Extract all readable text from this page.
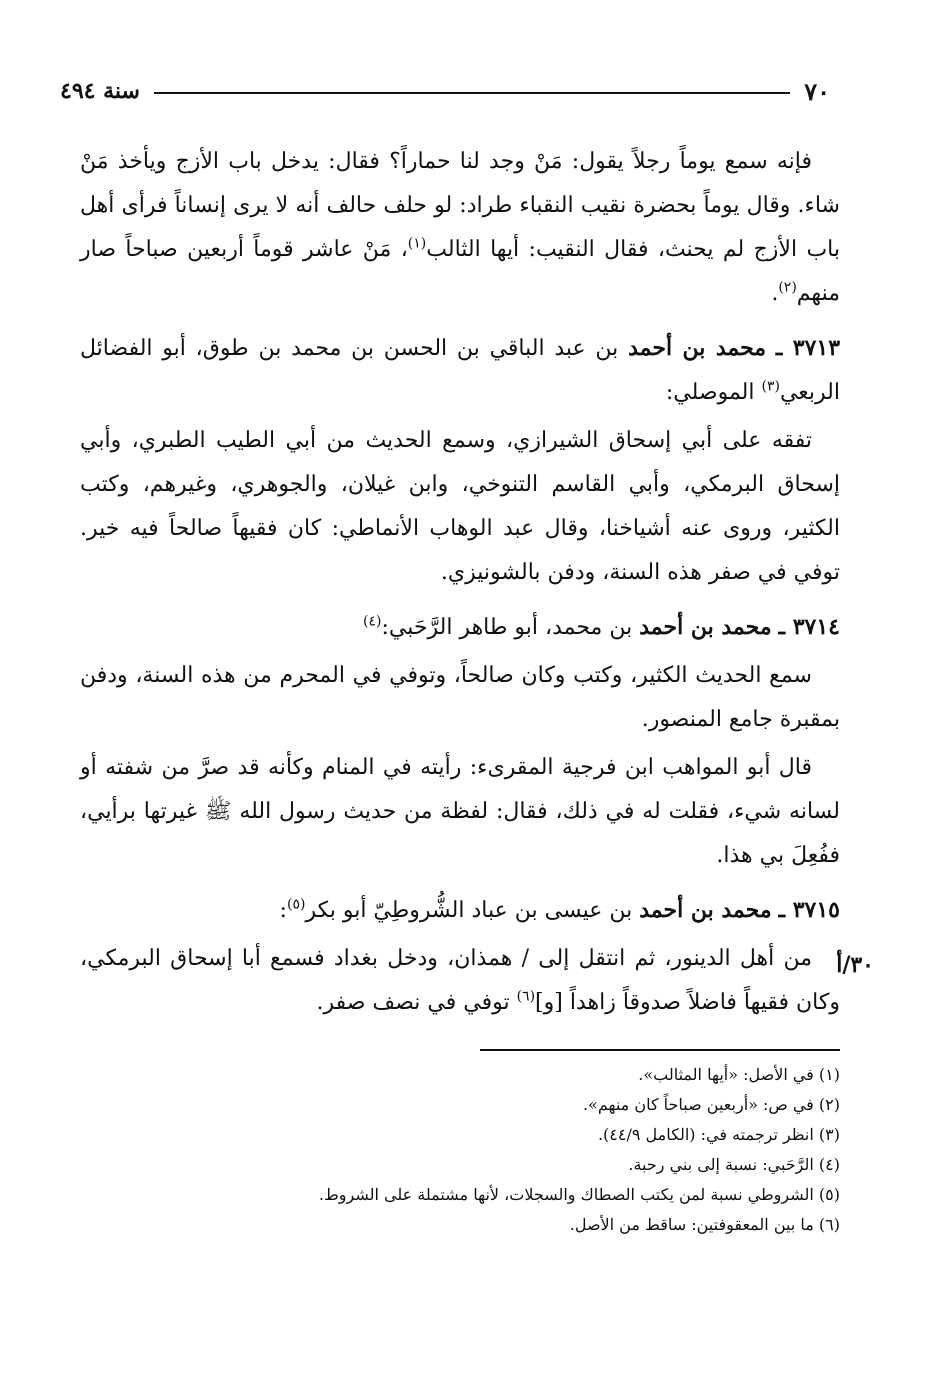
٧٠
سنة ٤٩٤

فإنه سمع يوماً رجلاً يقول: مَنْ وجد لنا حماراً؟ فقال: يدخل باب الأزج ويأخذ مَنْ شاء. وقال يوماً بحضرة نقيب النقباء طراد: لو حلف حالف أنه لا يرى إنساناً فرأى أهل باب الأزج لم يحنث، فقال النقيب: أيها الثالب$^{(١)}$، مَنْ عاشر قوماً أربعين صباحاً صار منهم$^{(٢)}$.

٣٧١٣ ـ محمد بن أحمد بن عبد الباقي بن الحسن بن محمد بن طوق، أبو الفضائل الربعي$^{(٣)}$ الموصلي:

تفقه على أبي إسحاق الشيرازي، وسمع الحديث من أبي الطيب الطبري، وأبي إسحاق البرمكي، وأبي القاسم التنوخي، وابن غيلان، والجوهري، وغيرهم، وكتب الكثير، وروى عنه أشياخنا، وقال عبد الوهاب الأنماطي: كان فقيهاً صالحاً فيه خير. توفي في صفر هذه السنة، ودفن بالشونيزي.

٣٧١٤ ـ محمد بن أحمد بن محمد، أبو طاهر الرَّحَبي:$^{(٤)}$

سمع الحديث الكثير، وكتب وكان صالحاً، وتوفي في المحرم من هذه السنة، ودفن بمقبرة جامع المنصور.

قال أبو المواهب ابن فرجية المقرىء: رأيته في المنام وكأنه قد صرَّ من شفته أو لسانه شيء، فقلت له في ذلك، فقال: لفظة من حديث رسول الله ﷺ غيرتها برأيي، ففُعِلَ بي هذا.

٣٧١٥ ـ محمد بن أحمد بن عيسى بن عباد الشُّروطِيّ أبو بكر$^{(٥)}$:

من أهل الدينور، ثم انتقل إلى / همذان، ودخل بغداد فسمع أبا إسحاق البرمكي، وكان فقيهاً فاضلاً صدوقاً زاهداً [و]$^{(٦)}$ توفي في نصف صفر.

٣٠/أ
(١) في الأصل: «أيها المثالب».
(٢) في ص: «أربعين صباحاً كان منهم».
(٣) انظر ترجمته في: (الكامل ٤٤/٩).
(٤) الرَّحَبي: نسبة إلى بني رحبة.
(٥) الشروطي نسبة لمن يكتب الصطاك والسجلات، لأنها مشتملة على الشروط.
(٦) ما بين المعقوفتين: ساقط من الأصل.
